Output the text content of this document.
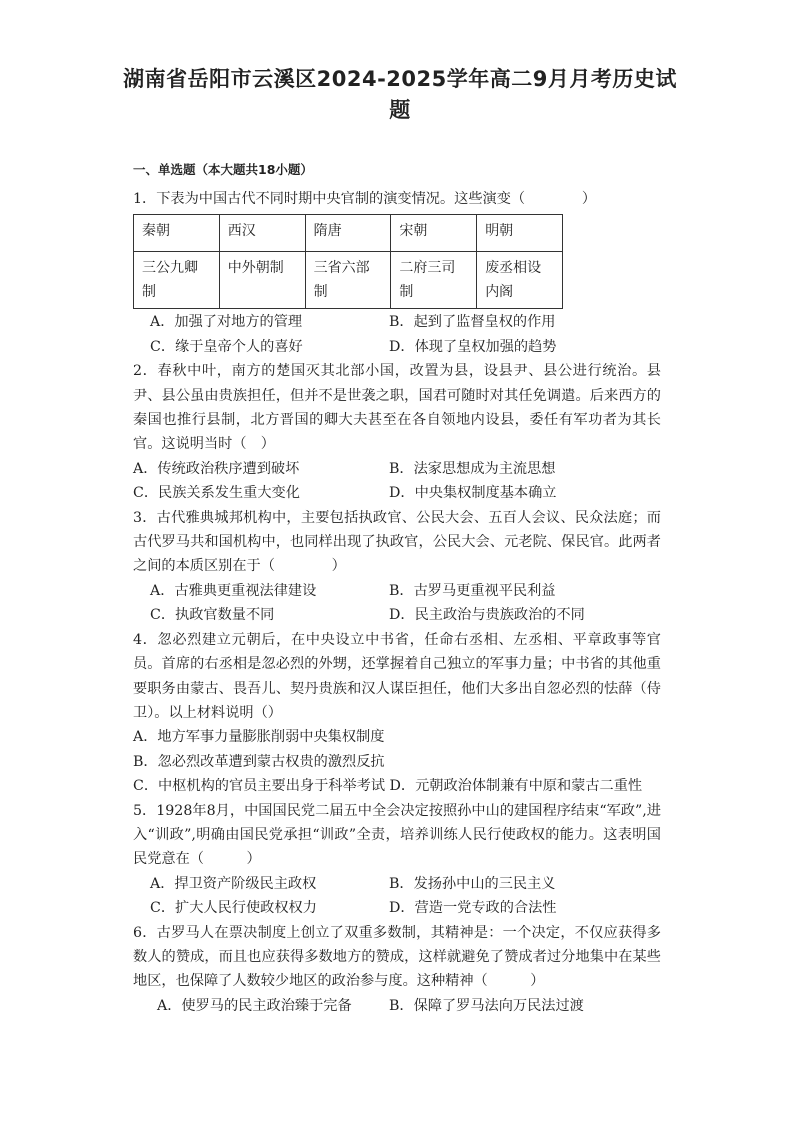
湖南省岳阳市云溪区2024-2025学年高二9月月考历史试题
一、单选题（本大题共18小题）

1．下表为中国古代不同时期中央官制的演变情况。这些演变（　　　　）

秦朝	西汉	隋唐	宋朝	明朝
三公九卿制	中外朝制	三省六部制	二府三司制	废丞相设内阁
A．加强了对地方的管理	B．起到了监督皇权的作用
C．缘于皇帝个人的喜好	D．体现了皇权加强的趋势

2．春秋中叶，南方的楚国灭其北部小国，改置为县，设县尹、县公进行统治。县尹、县公虽由贵族担任，但并不是世袭之职，国君可随时对其任免调遣。后来西方的秦国也推行县制，北方晋国的卿大夫甚至在各自领地内设县，委任有军功者为其长官。这说明当时（　）

A．传统政治秩序遭到破坏	B．法家思想成为主流思想
C．民族关系发生重大变化	D．中央集权制度基本确立

3．古代雅典城邦机构中，主要包括执政官、公民大会、五百人会议、民众法庭；而古代罗马共和国机构中，也同样出现了执政官，公民大会、元老院、保民官。此两者之间的本质区别在于（　　　　）

A．古雅典更重视法律建设	B．古罗马更重视平民利益
C．执政官数量不同	D．民主政治与贵族政治的不同

4．忽必烈建立元朝后，在中央设立中书省，任命右丞相、左丞相、平章政事等官员。首席的右丞相是忽必烈的外甥，还掌握着自己独立的军事力量；中书省的其他重要职务由蒙古、畏吾儿、契丹贵族和汉人谋臣担任，他们大多出自忽必烈的怯薛（侍卫）。以上材料说明（）

A．地方军事力量膨胀削弱中央集权制度

B．忽必烈改革遭到蒙古权贵的激烈反抗

C．中枢机构的官员主要出身于科举考试 D．元朝政治体制兼有中原和蒙古二重性

5．1928年8月，中国国民党二届五中全会决定按照孙中山的建国程序结束“军政”,进入“训政”,明确由国民党承担“训政”全责，培养训练人民行使政权的能力。这表明国民党意在（　　　）

A．捍卫资产阶级民主政权	B．发扬孙中山的三民主义
C．扩大人民行使政权权力	D．营造一党专政的合法性

6．古罗马人在票决制度上创立了双重多数制，其精神是：一个决定，不仅应获得多数人的赞成，而且也应获得多数地方的赞成，这样就避免了赞成者过分地集中在某些地区，也保障了人数较少地区的政治参与度。这种精神（　　　）

A．使罗马的民主政治臻于完备	B．保障了罗马法向万民法过渡
